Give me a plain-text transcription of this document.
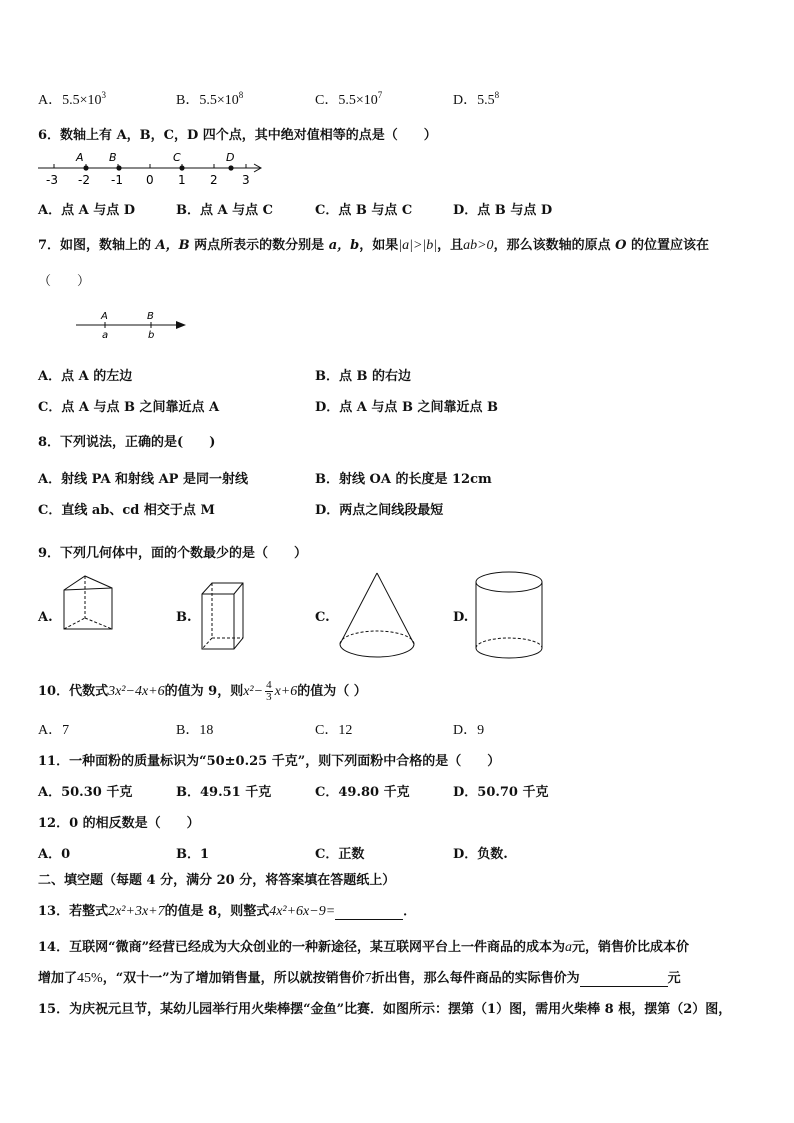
A．$5.5\times 10^3$	B．$5.5\times 10^8$	C．$5.5\times 10^7$	D．$5.5^8$
6．数轴上有 A，B，C，D 四个点，其中绝对值相等的点是（　　）
A B	C	D
-3 -2 -1 0 1 2 3
A．点 A 与点 D	B．点 A 与点 C	C．点 B 与点 C	D．点 B 与点 D
7．如图，数轴上的 A，B 两点所表示的数分别是 a，b，如果|a|>|b|，且ab>0，那么该数轴的原点 O 的位置应该在
（　　）
A
a
B
b
A．点 A 的左边	B．点 B 的右边
C．点 A 与点 B 之间靠近点 A	D．点 A 与点 B 之间靠近点 B
8．下列说法，正确的是(　　)
A．射线 PA 和射线 AP 是同一射线	B．射线 OA 的长度是 12cm
C．直线 ab、cd 相交于点 M	D．两点之间线段最短
9．下列几何体中，面的个数最少的是（　　）
A.	B.	C.	D.
10．代数式3x²−4x+6的值为 9，则$x^2- \frac{4}{3} x+6$的值为（ ）
A．7	B．18	C．12	D．9
11．一种面粉的质量标识为“50±0.25 千克”，则下列面粉中合格的是（　　）
A．50.30 千克	B．49.51 千克	C．49.80 千克	D．50.70 千克
12．0 的相反数是（　　）
A．0	B．1	C．正数	D．负数.
二、填空题（每题 4 分，满分 20 分，将答案填在答题纸上）
13．若整式2x²+3x+7的值是 8，则整式4x²+6x−9=	．
14．互联网“微商”经营已经成为大众创业的一种新途径，某互联网平台上一件商品的成本为a元，销售价比成本价
增加了45%，“双十一”为了增加销售量，所以就按销售价7折出售，那么每件商品的实际售价为	元
15．为庆祝元旦节，某幼儿园举行用火柴棒摆“金鱼”比赛．如图所示：摆第（1）图，需用火柴棒 8 根，摆第（2）图，
